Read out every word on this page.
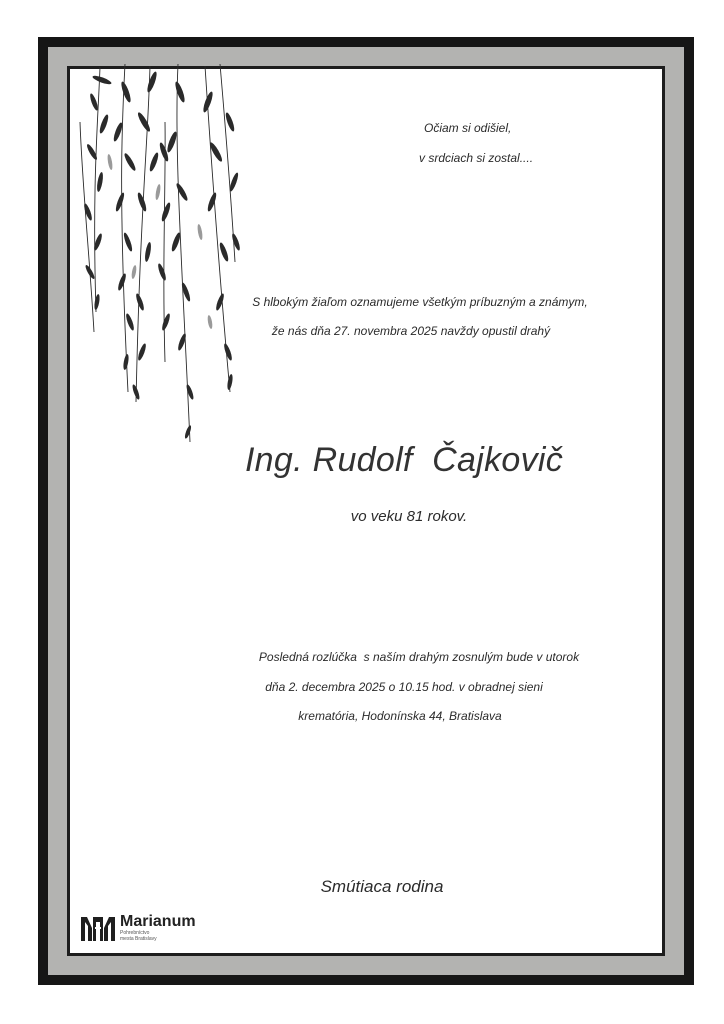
Očiam si odišiel,
v srdciach si zostal....
S hlbokým žiaľom oznamujeme všetkým príbuzným a známym,
že nás dňa 27. novembra 2025 navždy opustil drahý
Ing. Rudolf  Čajkovič
vo veku 81 rokov.
Posledná rozlúčka  s naším drahým zosnulým bude v utorok
dňa 2. decembra 2025 o 10.15 hod. v obradnej sieni
krematória, Hodonínska 44, Bratislava
Smútiaca rodina
Marianum
Pohrebníctvo
mesta Bratislavy
